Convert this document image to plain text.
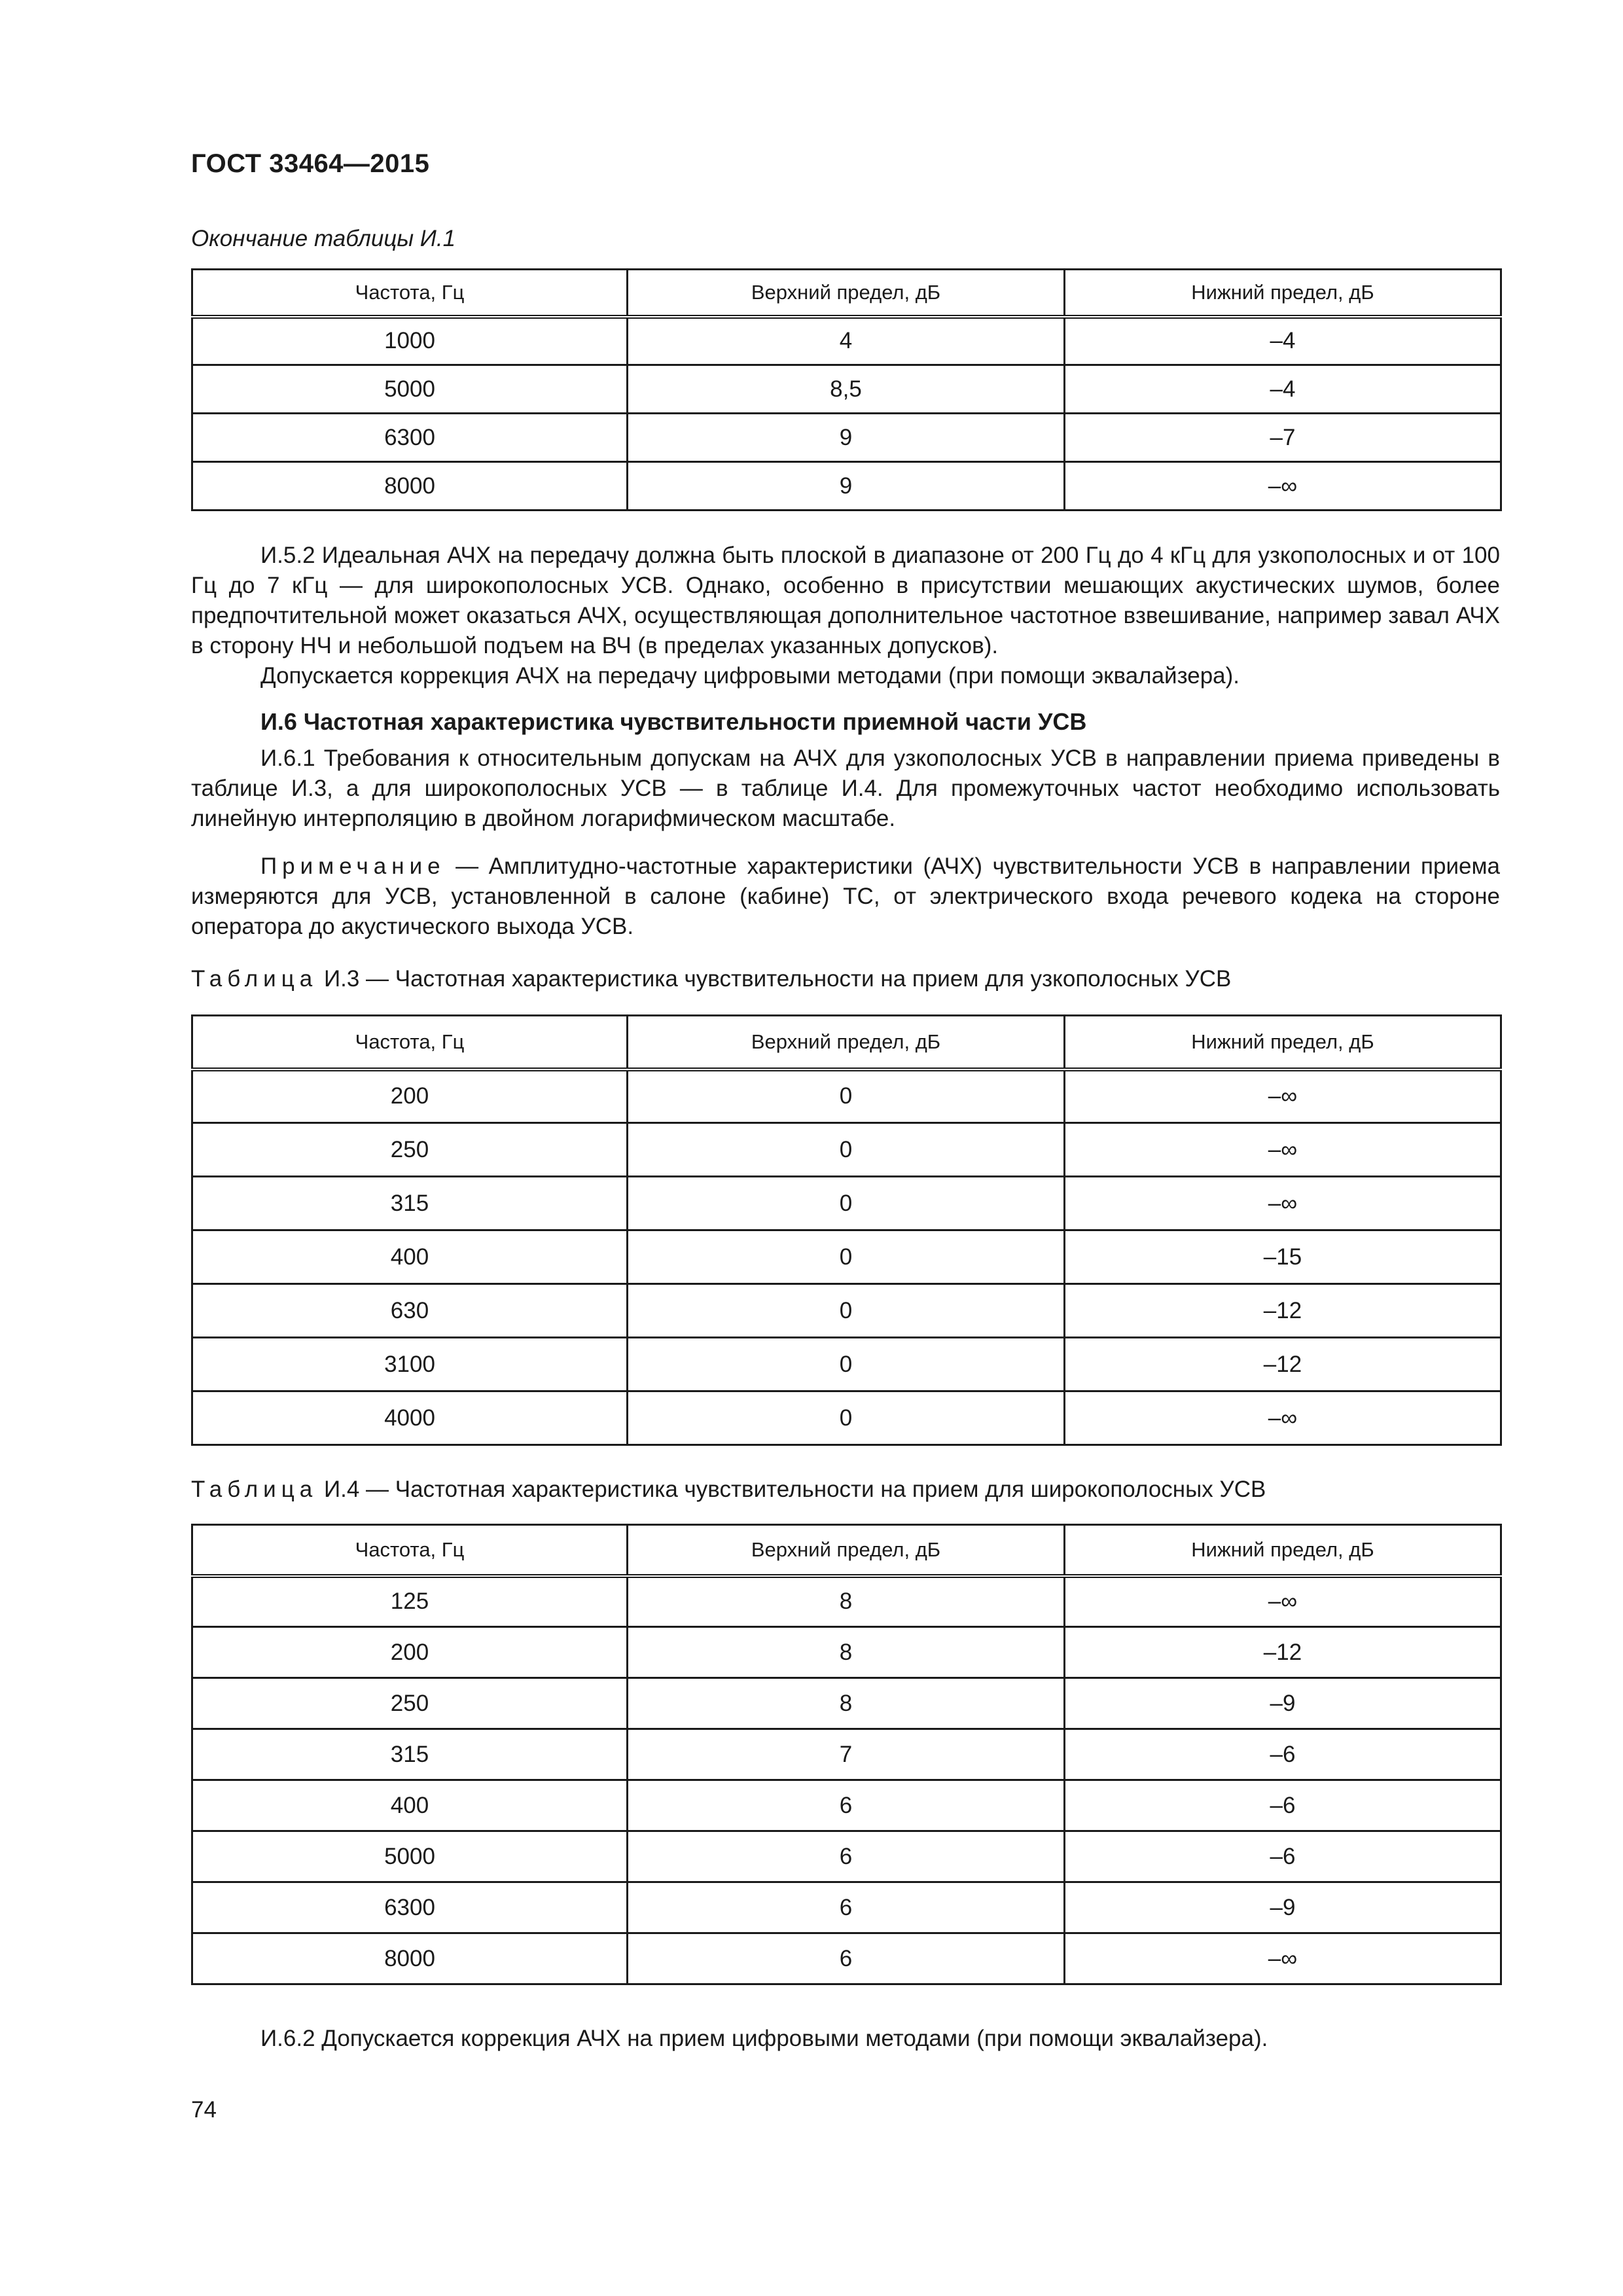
ГОСТ 33464—2015
Окончание таблицы И.1
Частота, Гц	Верхний предел, дБ	Нижний предел, дБ
1000	4	–4
5000	8,5	–4
6300	9	–7
8000	9	–∞

И.5.2 Идеальная АЧХ на передачу должна быть плоской в диапазоне от 200 Гц до 4 кГц для узкополосных и от 100 Гц до 7 кГц — для широкополосных УСВ. Однако, особенно в присутствии мешающих акустических шумов, более предпочтительной может оказаться АЧХ, осуществляющая дополнительное частотное взвешивание, например завал АЧХ в сторону НЧ и небольшой подъем на ВЧ (в пределах указанных допусков).

Допускается коррекция АЧХ на передачу цифровыми методами (при помощи эквалайзера).

И.6 Частотная характеристика чувствительности приемной части УСВ

И.6.1 Требования к относительным допускам на АЧХ для узкополосных УСВ в направлении приема приведены в таблице И.3, а для широкополосных УСВ — в таблице И.4. Для промежуточных частот необходимо использовать линейную интерполяцию в двойном логарифмическом масштабе.

Примечание — Амплитудно-частотные характеристики (АЧХ) чувствительности УСВ в направлении приема измеряются для УСВ, установленной в салоне (кабине) ТС, от электрического входа речевого кодека на стороне оператора до акустического выхода УСВ.

Таблица И.3 — Частотная характеристика чувствительности на прием для узкополосных УСВ
Частота, Гц	Верхний предел, дБ	Нижний предел, дБ
200	0	–∞
250	0	–∞
315	0	–∞
400	0	–15
630	0	–12
3100	0	–12
4000	0	–∞
Таблица И.4 — Частотная характеристика чувствительности на прием для широкополосных УСВ
Частота, Гц	Верхний предел, дБ	Нижний предел, дБ
125	8	–∞
200	8	–12
250	8	–9
315	7	–6
400	6	–6
5000	6	–6
6300	6	–9
8000	6	–∞

И.6.2 Допускается коррекция АЧХ на прием цифровыми методами (при помощи эквалайзера).

74
